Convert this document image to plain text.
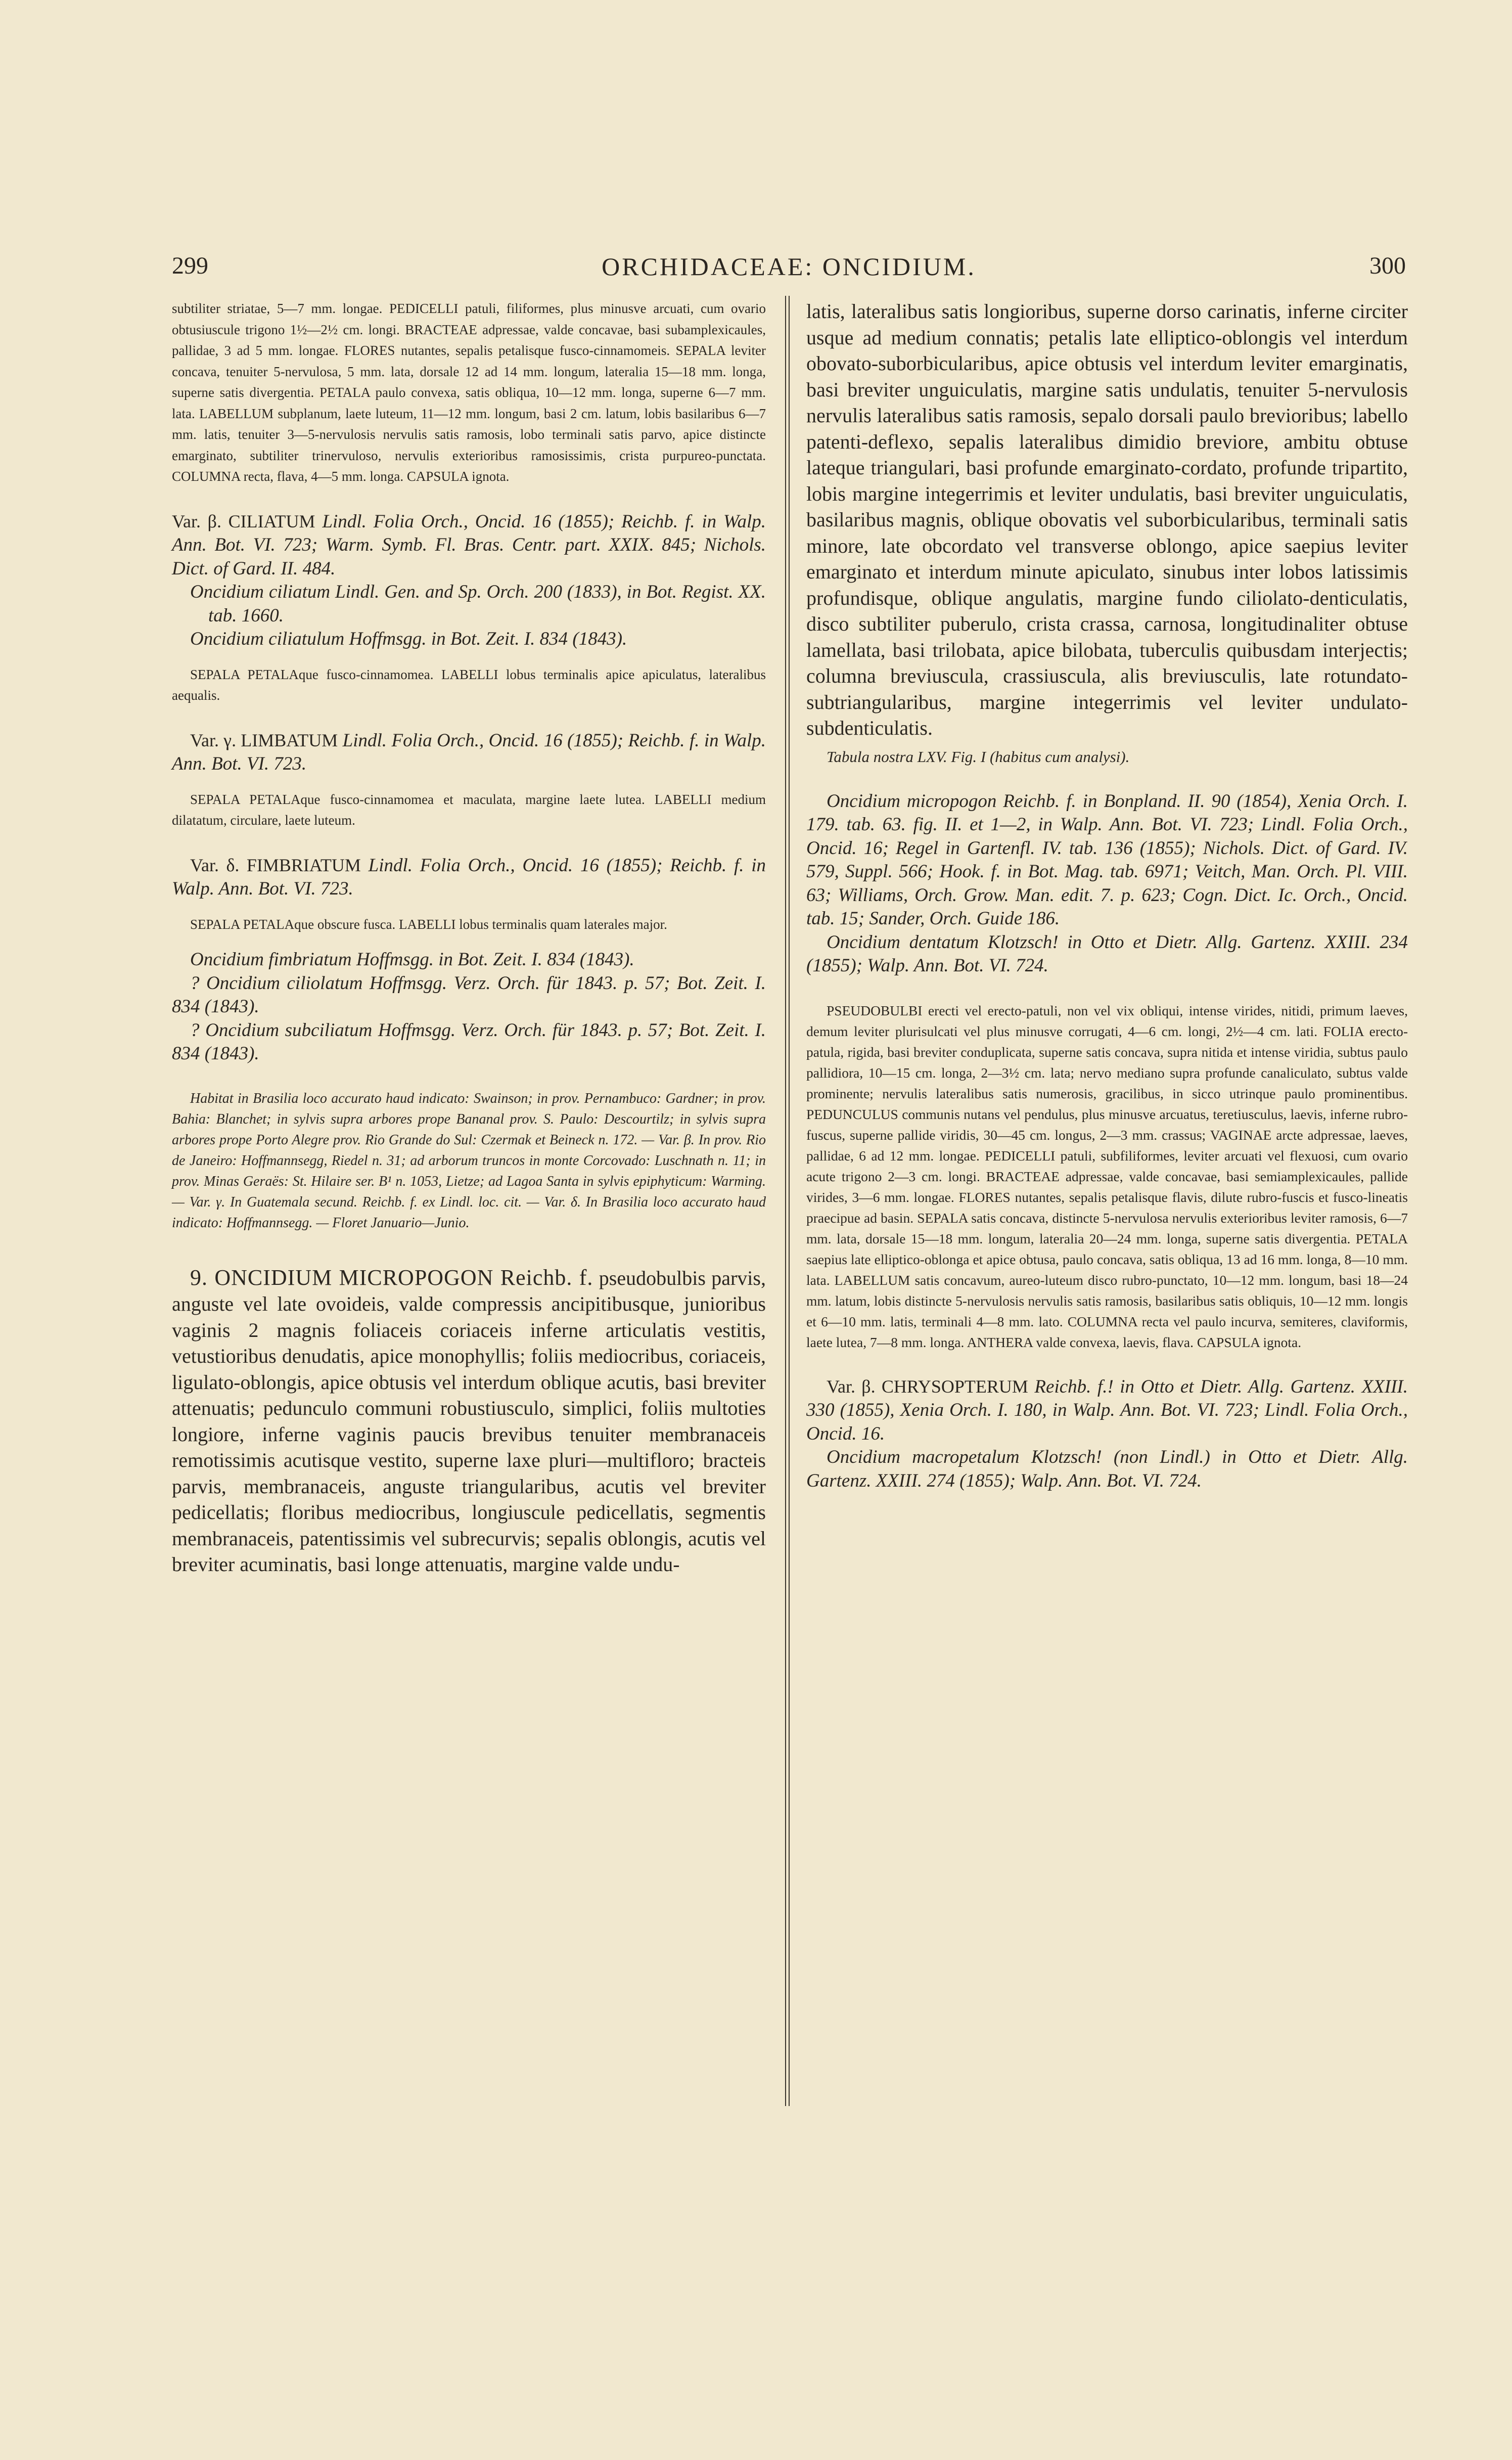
299	ORCHIDACEAE: ONCIDIUM.	300

subtiliter striatae, 5—7 mm. longae. PEDICELLI patuli, filiformes, plus minusve arcuati, cum ovario obtusiuscule trigono 1½—2½ cm. longi. BRACTEAE adpressae, valde concavae, basi subamplexicaules, pallidae, 3 ad 5 mm. longae. FLORES nutantes, sepalis petalisque fusco-cinnamomeis. SEPALA leviter concava, tenuiter 5-nervulosa, 5 mm. lata, dorsale 12 ad 14 mm. longum, lateralia 15—18 mm. longa, superne satis divergentia. PETALA paulo convexa, satis obliqua, 10—12 mm. longa, superne 6—7 mm. lata. LABELLUM subplanum, laete luteum, 11—12 mm. longum, basi 2 cm. latum, lobis basilaribus 6—7 mm. latis, tenuiter 3—5-nervulosis nervulis satis ramosis, lobo terminali satis parvo, apice distincte emarginato, subtiliter trinervuloso, nervulis exterioribus ramosissimis, crista purpureo-punctata. COLUMNA recta, flava, 4—5 mm. longa. CAPSULA ignota.

Var. β. CILIATUM Lindl. Folia Orch., Oncid. 16 (1855); Reichb. f. in Walp. Ann. Bot. VI. 723; Warm. Symb. Fl. Bras. Centr. part. XXIX. 845; Nichols. Dict. of Gard. II. 484.

Oncidium ciliatum Lindl. Gen. and Sp. Orch. 200 (1833), in Bot. Regist. XX. tab. 1660.

Oncidium ciliatulum Hoffmsgg. in Bot. Zeit. I. 834 (1843).

SEPALA PETALAque fusco-cinnamomea. LABELLI lobus terminalis apice apiculatus, lateralibus aequalis.

Var. γ. LIMBATUM Lindl. Folia Orch., Oncid. 16 (1855); Reichb. f. in Walp. Ann. Bot. VI. 723.

SEPALA PETALAque fusco-cinnamomea et maculata, margine laete lutea. LABELLI medium dilatatum, circulare, laete luteum.

Var. δ. FIMBRIATUM Lindl. Folia Orch., Oncid. 16 (1855); Reichb. f. in Walp. Ann. Bot. VI. 723.

SEPALA PETALAque obscure fusca. LABELLI lobus terminalis quam laterales major.

Oncidium fimbriatum Hoffmsgg. in Bot. Zeit. I. 834 (1843).

? Oncidium ciliolatum Hoffmsgg. Verz. Orch. für 1843. p. 57; Bot. Zeit. I. 834 (1843).

? Oncidium subciliatum Hoffmsgg. Verz. Orch. für 1843. p. 57; Bot. Zeit. I. 834 (1843).

Habitat in Brasilia loco accurato haud indicato: Swainson; in prov. Pernambuco: Gardner; in prov. Bahia: Blanchet; in sylvis supra arbores prope Bananal prov. S. Paulo: Descourtilz; in sylvis supra arbores prope Porto Alegre prov. Rio Grande do Sul: Czermak et Beineck n. 172. — Var. β. In prov. Rio de Janeiro: Hoffmannsegg, Riedel n. 31; ad arborum truncos in monte Corcovado: Luschnath n. 11; in prov. Minas Geraës: St. Hilaire ser. B¹ n. 1053, Lietze; ad Lagoa Santa in sylvis epiphyticum: Warming. — Var. γ. In Guatemala secund. Reichb. f. ex Lindl. loc. cit. — Var. δ. In Brasilia loco accurato haud indicato: Hoffmannsegg. — Floret Januario—Junio.

9. ONCIDIUM MICROPOGON Reichb. f. pseudobulbis parvis, anguste vel late ovoideis, valde compressis ancipitibusque, junioribus vaginis 2 magnis foliaceis coriaceis inferne articulatis vestitis, vetustioribus denudatis, apice monophyllis; foliis mediocribus, coriaceis, ligulato-oblongis, apice obtusis vel interdum oblique acutis, basi breviter attenuatis; pedunculo communi robustiusculo, simplici, foliis multoties longiore, inferne vaginis paucis brevibus tenuiter membranaceis remotissimis acutisque vestito, superne laxe pluri—multifloro; bracteis parvis, membranaceis, anguste triangularibus, acutis vel breviter pedicellatis; floribus mediocribus, longiuscule pedicellatis, segmentis membranaceis, patentissimis vel subrecurvis; sepalis oblongis, acutis vel breviter acuminatis, basi longe attenuatis, margine valde undu-

latis, lateralibus satis longioribus, superne dorso carinatis, inferne circiter usque ad medium connatis; petalis late elliptico-oblongis vel interdum obovato-suborbicularibus, apice obtusis vel interdum leviter emarginatis, basi breviter unguiculatis, margine satis undulatis, tenuiter 5-nervulosis nervulis lateralibus satis ramosis, sepalo dorsali paulo brevioribus; labello patenti-deflexo, sepalis lateralibus dimidio breviore, ambitu obtuse lateque triangulari, basi profunde emarginato-cordato, profunde tripartito, lobis margine integerrimis et leviter undulatis, basi breviter unguiculatis, basilaribus magnis, oblique obovatis vel suborbicularibus, terminali satis minore, late obcordato vel transverse oblongo, apice saepius leviter emarginato et interdum minute apiculato, sinubus inter lobos latissimis profundisque, oblique angulatis, margine fundo ciliolato-denticulatis, disco subtiliter puberulo, crista crassa, carnosa, longitudinaliter obtuse lamellata, basi trilobata, apice bilobata, tuberculis quibusdam interjectis; columna breviuscula, crassiuscula, alis breviusculis, late rotundato-subtriangularibus, margine integerrimis vel leviter undulato-subdenticulatis.

Tabula nostra LXV. Fig. I (habitus cum analysi).

Oncidium micropogon Reichb. f. in Bonpland. II. 90 (1854), Xenia Orch. I. 179. tab. 63. fig. II. et 1—2, in Walp. Ann. Bot. VI. 723; Lindl. Folia Orch., Oncid. 16; Regel in Gartenfl. IV. tab. 136 (1855); Nichols. Dict. of Gard. IV. 579, Suppl. 566; Hook. f. in Bot. Mag. tab. 6971; Veitch, Man. Orch. Pl. VIII. 63; Williams, Orch. Grow. Man. edit. 7. p. 623; Cogn. Dict. Ic. Orch., Oncid. tab. 15; Sander, Orch. Guide 186.

Oncidium dentatum Klotzsch! in Otto et Dietr. Allg. Gartenz. XXIII. 234 (1855); Walp. Ann. Bot. VI. 724.

PSEUDOBULBI erecti vel erecto-patuli, non vel vix obliqui, intense virides, nitidi, primum laeves, demum leviter plurisulcati vel plus minusve corrugati, 4—6 cm. longi, 2½—4 cm. lati. FOLIA erecto-patula, rigida, basi breviter conduplicata, superne satis concava, supra nitida et intense viridia, subtus paulo pallidiora, 10—15 cm. longa, 2—3½ cm. lata; nervo mediano supra profunde canaliculato, subtus valde prominente; nervulis lateralibus satis numerosis, gracilibus, in sicco utrinque paulo prominentibus. PEDUNCULUS communis nutans vel pendulus, plus minusve arcuatus, teretiusculus, laevis, inferne rubro-fuscus, superne pallide viridis, 30—45 cm. longus, 2—3 mm. crassus; VAGINAE arcte adpressae, laeves, pallidae, 6 ad 12 mm. longae. PEDICELLI patuli, subfiliformes, leviter arcuati vel flexuosi, cum ovario acute trigono 2—3 cm. longi. BRACTEAE adpressae, valde concavae, basi semiamplexicaules, pallide virides, 3—6 mm. longae. FLORES nutantes, sepalis petalisque flavis, dilute rubro-fuscis et fusco-lineatis praecipue ad basin. SEPALA satis concava, distincte 5-nervulosa nervulis exterioribus leviter ramosis, 6—7 mm. lata, dorsale 15—18 mm. longum, lateralia 20—24 mm. longa, superne satis divergentia. PETALA saepius late elliptico-oblonga et apice obtusa, paulo concava, satis obliqua, 13 ad 16 mm. longa, 8—10 mm. lata. LABELLUM satis concavum, aureo-luteum disco rubro-punctato, 10—12 mm. longum, basi 18—24 mm. latum, lobis distincte 5-nervulosis nervulis satis ramosis, basilaribus satis obliquis, 10—12 mm. longis et 6—10 mm. latis, terminali 4—8 mm. lato. COLUMNA recta vel paulo incurva, semiteres, claviformis, laete lutea, 7—8 mm. longa. ANTHERA valde convexa, laevis, flava. CAPSULA ignota.

Var. β. CHRYSOPTERUM Reichb. f.! in Otto et Dietr. Allg. Gartenz. XXIII. 330 (1855), Xenia Orch. I. 180, in Walp. Ann. Bot. VI. 723; Lindl. Folia Orch., Oncid. 16.

Oncidium macropetalum Klotzsch! (non Lindl.) in Otto et Dietr. Allg. Gartenz. XXIII. 274 (1855); Walp. Ann. Bot. VI. 724.
